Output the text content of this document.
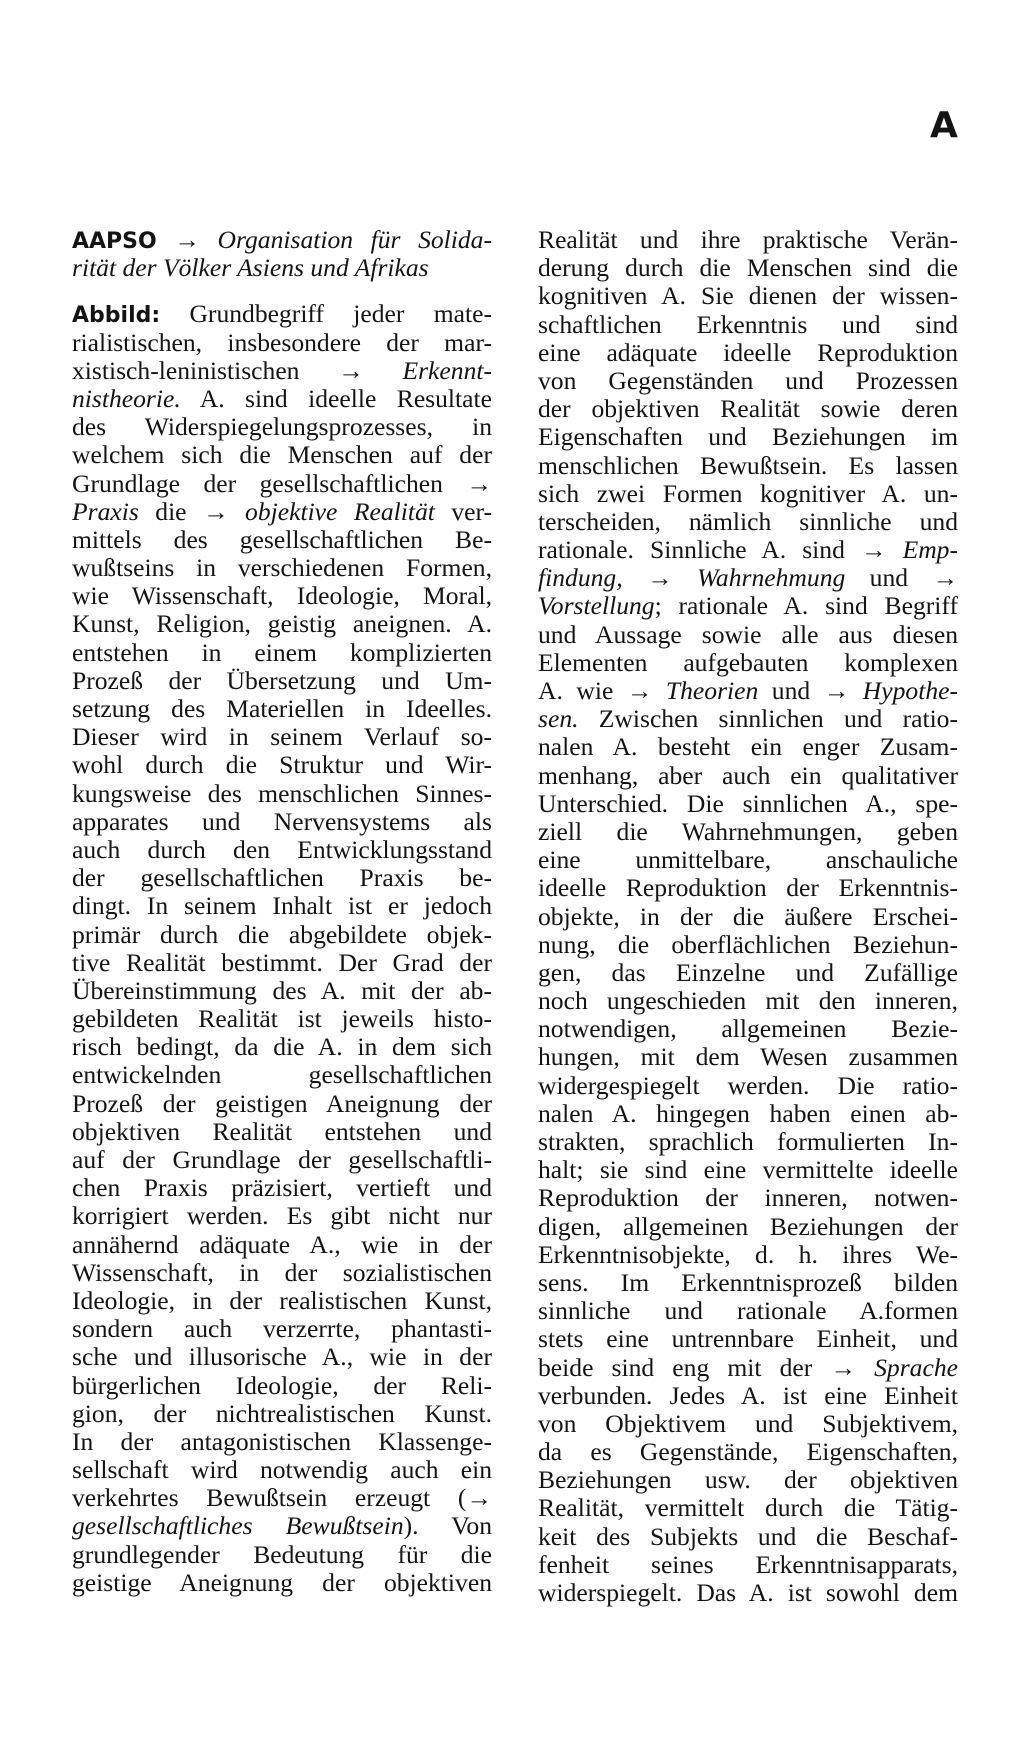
A
AAPSO → Organisation für Solida-
rität der Völker Asiens und Afrikas
Abbild: Grundbegriff jeder mate-
rialistischen, insbesondere der mar-
xistisch-leninistischen → Erkennt-
nistheorie. A. sind ideelle Resultate
des Widerspiegelungsprozesses, in
welchem sich die Menschen auf der
Grundlage der gesellschaftlichen →
Praxis die → objektive Realität ver-
mittels des gesellschaftlichen Be-
wußtseins in verschiedenen Formen,
wie Wissenschaft, Ideologie, Moral,
Kunst, Religion, geistig aneignen. A.
entstehen in einem komplizierten
Prozeß der Übersetzung und Um-
setzung des Materiellen in Ideelles.
Dieser wird in seinem Verlauf so-
wohl durch die Struktur und Wir-
kungsweise des menschlichen Sinnes-
apparates und Nervensystems als
auch durch den Entwicklungsstand
der gesellschaftlichen Praxis be-
dingt. In seinem Inhalt ist er jedoch
primär durch die abgebildete objek-
tive Realität bestimmt. Der Grad der
Übereinstimmung des A. mit der ab-
gebildeten Realität ist jeweils histo-
risch bedingt, da die A. in dem sich
entwickelnden gesellschaftlichen
Prozeß der geistigen Aneignung der
objektiven Realität entstehen und
auf der Grundlage der gesellschaftli-
chen Praxis präzisiert, vertieft und
korrigiert werden. Es gibt nicht nur
annähernd adäquate A., wie in der
Wissenschaft, in der sozialistischen
Ideologie, in der realistischen Kunst,
sondern auch verzerrte, phantasti-
sche und illusorische A., wie in der
bürgerlichen Ideologie, der Reli-
gion, der nichtrealistischen Kunst.
In der antagonistischen Klassenge-
sellschaft wird notwendig auch ein
verkehrtes Bewußtsein erzeugt (→
gesellschaftliches Bewußtsein). Von
grundlegender Bedeutung für die
geistige Aneignung der objektiven
Realität und ihre praktische Verän-
derung durch die Menschen sind die
kognitiven A. Sie dienen der wissen-
schaftlichen Erkenntnis und sind
eine adäquate ideelle Reproduktion
von Gegenständen und Prozessen
der objektiven Realität sowie deren
Eigenschaften und Beziehungen im
menschlichen Bewußtsein. Es lassen
sich zwei Formen kognitiver A. un-
terscheiden, nämlich sinnliche und
rationale. Sinnliche A. sind → Emp-
findung, → Wahrnehmung und →
Vorstellung; rationale A. sind Begriff
und Aussage sowie alle aus diesen
Elementen aufgebauten komplexen
A. wie → Theorien und → Hypothe-
sen. Zwischen sinnlichen und ratio-
nalen A. besteht ein enger Zusam-
menhang, aber auch ein qualitativer
Unterschied. Die sinnlichen A., spe-
ziell die Wahrnehmungen, geben
eine unmittelbare, anschauliche
ideelle Reproduktion der Erkenntnis-
objekte, in der die äußere Erschei-
nung, die oberflächlichen Beziehun-
gen, das Einzelne und Zufällige
noch ungeschieden mit den inneren,
notwendigen, allgemeinen Bezie-
hungen, mit dem Wesen zusammen
widergespiegelt werden. Die ratio-
nalen A. hingegen haben einen ab-
strakten, sprachlich formulierten In-
halt; sie sind eine vermittelte ideelle
Reproduktion der inneren, notwen-
digen, allgemeinen Beziehungen der
Erkenntnisobjekte, d. h. ihres We-
sens. Im Erkenntnisprozeß bilden
sinnliche und rationale A.formen
stets eine untrennbare Einheit, und
beide sind eng mit der → Sprache
verbunden. Jedes A. ist eine Einheit
von Objektivem und Subjektivem,
da es Gegenstände, Eigenschaften,
Beziehungen usw. der objektiven
Realität, vermittelt durch die Tätig-
keit des Subjekts und die Beschaf-
fenheit seines Erkenntnisapparats,
widerspiegelt. Das A. ist sowohl dem
